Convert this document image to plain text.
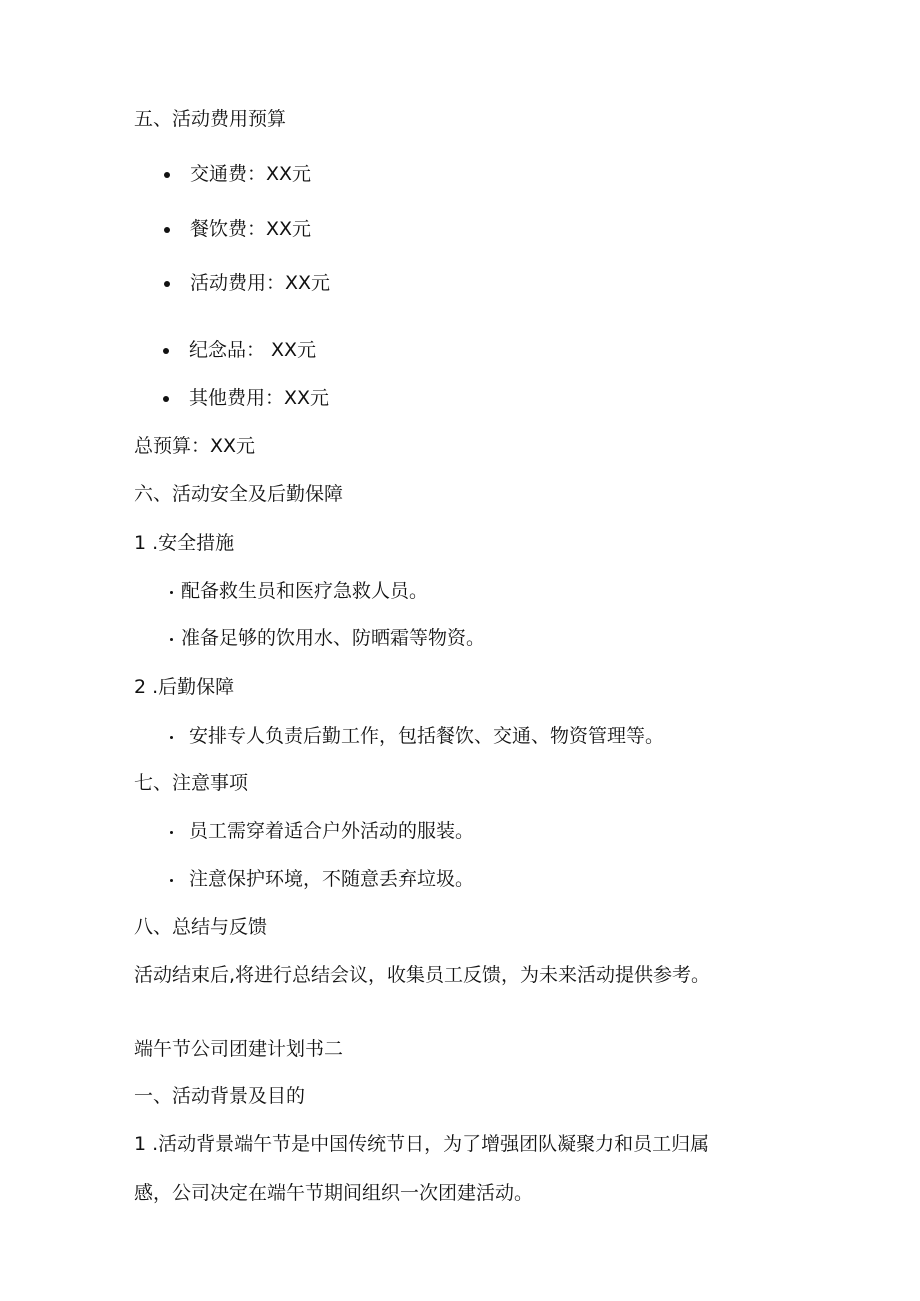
五、活动费用预算
交通费：XX元
餐饮费：XX元
活动费用：XX元
纪念品： XX元
其他费用：XX元
总预算：XX元
六、活动安全及后勤保障
1 .安全措施
配备救生员和医疗急救人员。
准备足够的饮用水、防晒霜等物资。
2 .后勤保障
安排专人负责后勤工作，包括餐饮、交通、物资管理等。
七、注意事项
员工需穿着适合户外活动的服装。
注意保护环境，不随意丢弃垃圾。
八、总结与反馈
活动结束后,将进行总结会议，收集员工反馈，为未来活动提供参考。
端午节公司团建计划书二
一、活动背景及目的
1 .活动背景端午节是中国传统节日，为了增强团队凝聚力和员工归属
感，公司决定在端午节期间组织一次团建活动。
